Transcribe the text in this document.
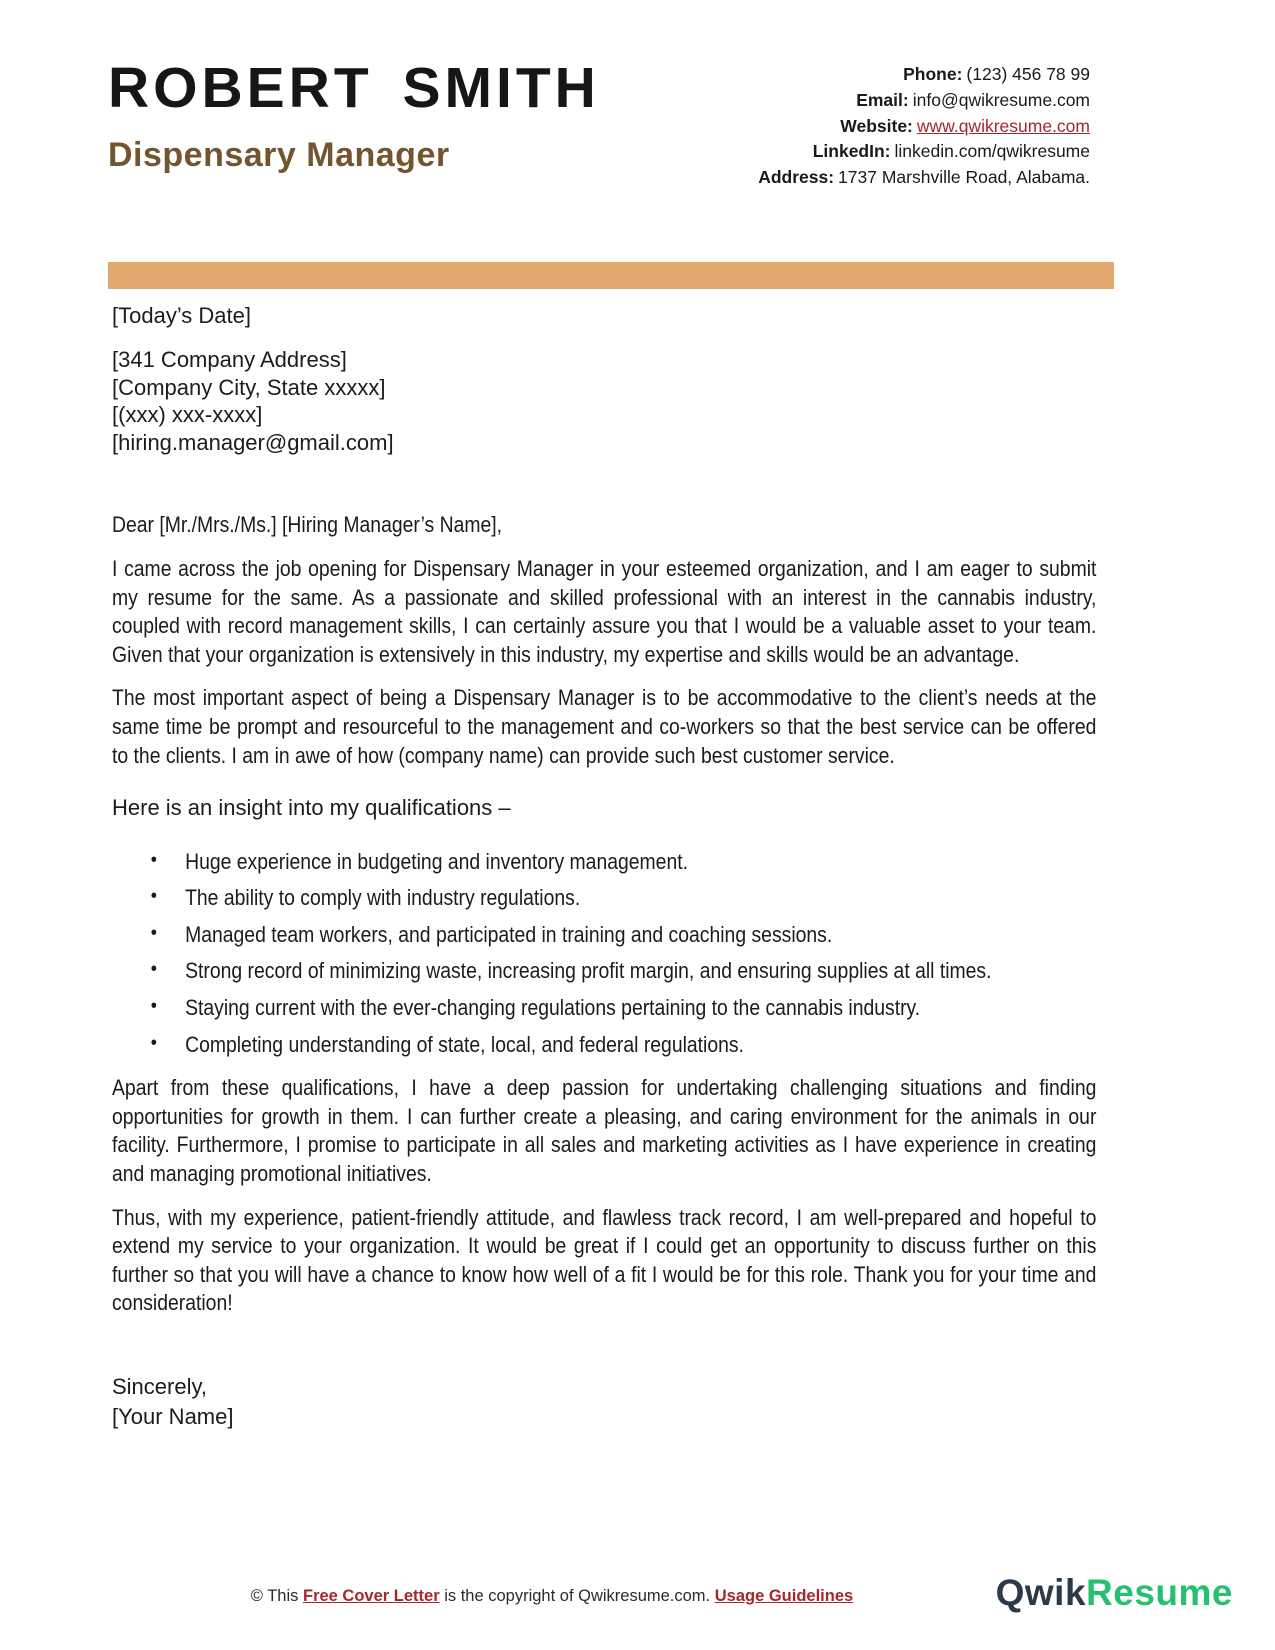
ROBERT SMITH
Dispensary Manager
Phone: (123) 456 78 99
Email: info@qwikresume.com
Website: www.qwikresume.com
LinkedIn: linkedin.com/qwikresume
Address: 1737 Marshville Road, Alabama.
[Today’s Date]
[341 Company Address]
[Company City, State xxxxx]
[(xxx) xxx-xxxx]
[hiring.manager@gmail.com]
Dear [Mr./Mrs./Ms.] [Hiring Manager’s Name],
I came across the job opening for Dispensary Manager in your esteemed organization, and I am eager to submit my resume for the same. As a passionate and skilled professional with an interest in the cannabis industry, coupled with record management skills, I can certainly assure you that I would be a valuable asset to your team. Given that your organization is extensively in this industry, my expertise and skills would be an advantage.
The most important aspect of being a Dispensary Manager is to be accommodative to the client’s needs at the same time be prompt and resourceful to the management and co-workers so that the best service can be offered to the clients. I am in awe of how (company name) can provide such best customer service.
Here is an insight into my qualifications –
• Huge experience in budgeting and inventory management.
• The ability to comply with industry regulations.
• Managed team workers, and participated in training and coaching sessions.
• Strong record of minimizing waste, increasing profit margin, and ensuring supplies at all times.
• Staying current with the ever-changing regulations pertaining to the cannabis industry.
• Completing understanding of state, local, and federal regulations.
Apart from these qualifications, I have a deep passion for undertaking challenging situations and finding opportunities for growth in them. I can further create a pleasing, and caring environment for the animals in our facility. Furthermore, I promise to participate in all sales and marketing activities as I have experience in creating and managing promotional initiatives.
Thus, with my experience, patient-friendly attitude, and flawless track record, I am well-prepared and hopeful to extend my service to your organization. It would be great if I could get an opportunity to discuss further on this further so that you will have a chance to know how well of a fit I would be for this role. Thank you for your time and consideration!
Sincerely,
[Your Name]
© This Free Cover Letter is the copyright of Qwikresume.com. Usage Guidelines	QwikResume
